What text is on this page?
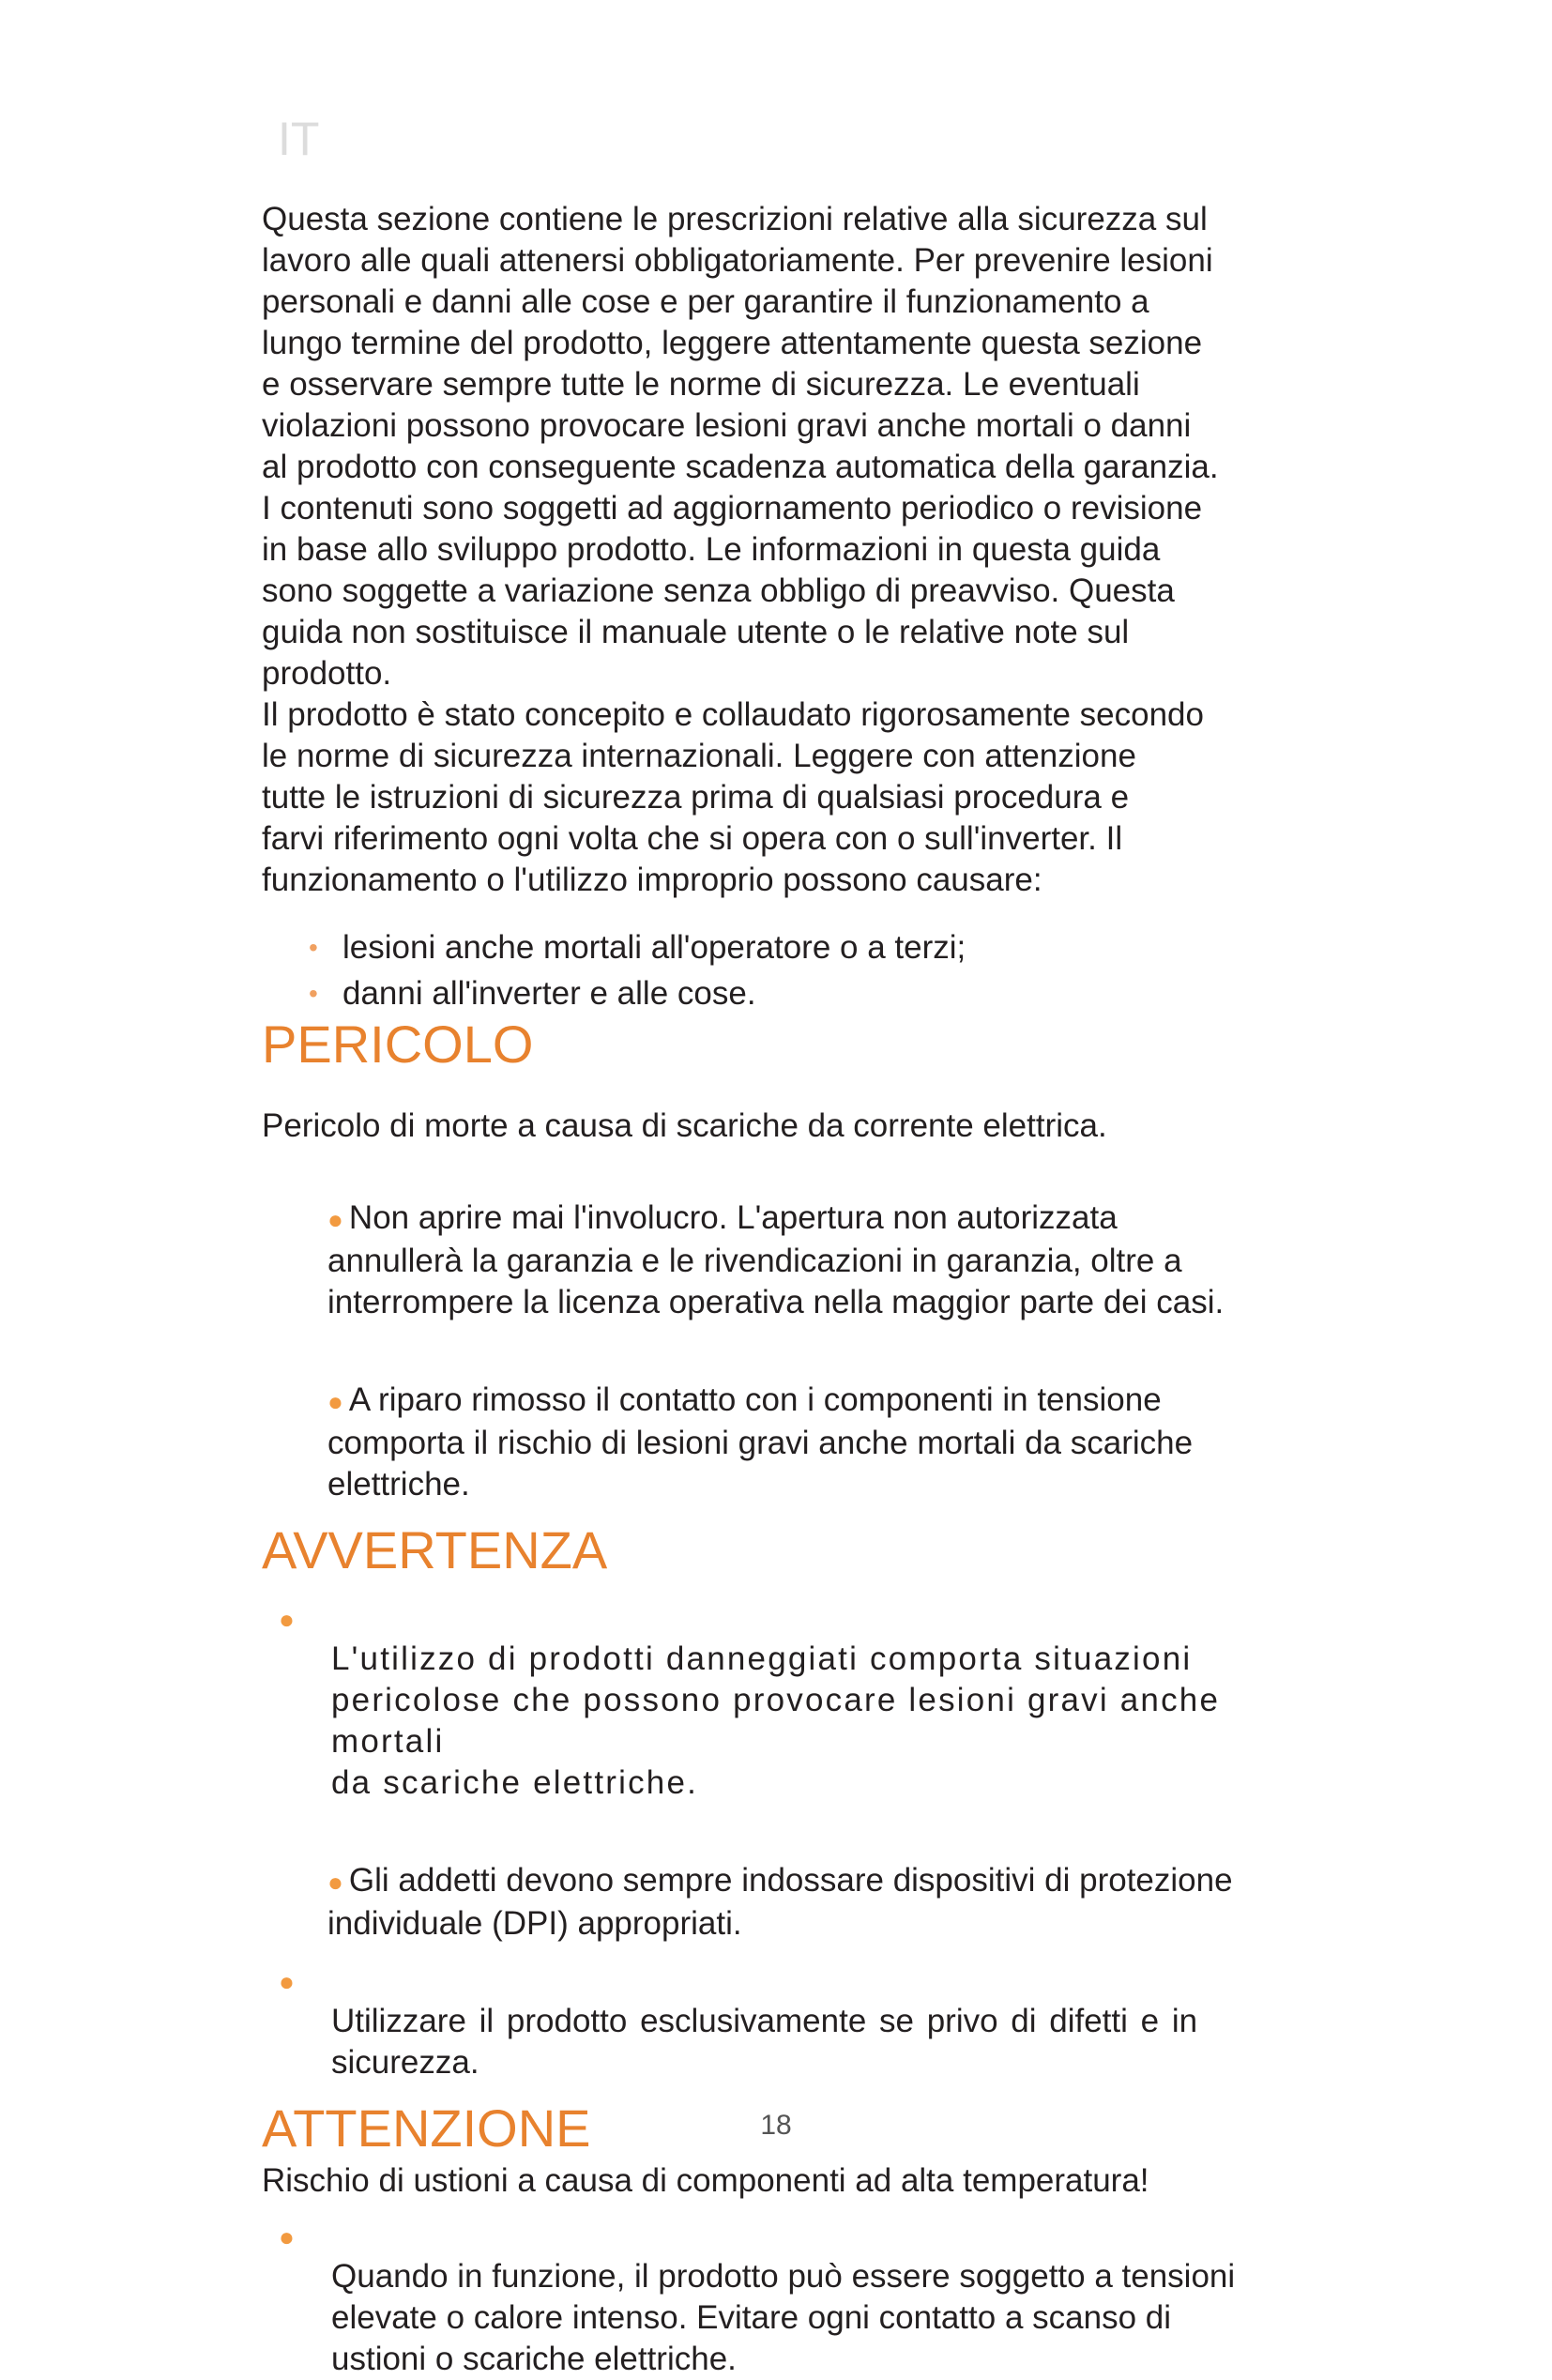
IT

Questa sezione contiene le prescrizioni relative alla sicurezza sul
lavoro alle quali attenersi obbligatoriamente. Per prevenire lesioni
personali e danni alle cose e per garantire il funzionamento a
lungo termine del prodotto, leggere attentamente questa sezione
e osservare sempre tutte le norme di sicurezza. Le eventuali
violazioni possono provocare lesioni gravi anche mortali o danni
al prodotto con conseguente scadenza automatica della garanzia.
I contenuti sono soggetti ad aggiornamento periodico o revisione
in base allo sviluppo prodotto. Le informazioni in questa guida
sono soggette a variazione senza obbligo di preavviso. Questa
guida non sostituisce il manuale utente o le relative note sul
prodotto.
Il prodotto è stato concepito e collaudato rigorosamente secondo
le norme di sicurezza internazionali. Leggere con attenzione
tutte le istruzioni di sicurezza prima di qualsiasi procedura e
farvi riferimento ogni volta che si opera con o sull'inverter. Il
funzionamento o l'utilizzo improprio possono causare:

• lesioni anche mortali all'operatore o a terzi;
• danni all'inverter e alle cose.
PERICOLO

Pericolo di morte a causa di scariche da corrente elettrica.

● Non aprire mai l'involucro. L'apertura non autorizzata
annullerà la garanzia e le rivendicazioni in garanzia, oltre a
interrompere la licenza operativa nella maggior parte dei casi.

● A riparo rimosso il contatto con i componenti in tensione
comporta il rischio di lesioni gravi anche mortali da scariche
elettriche.

AVVERTENZA

●
L'utilizzo di prodotti danneggiati comporta situazioni
pericolose che possono provocare lesioni gravi anche mortali
da scariche elettriche.

● Gli addetti devono sempre indossare dispositivi di protezione
individuale (DPI) appropriati.

●
Utilizzare il prodotto esclusivamente se privo di difetti e in
sicurezza.

ATTENZIONE

Rischio di ustioni a causa di componenti ad alta temperatura!

●
Quando in funzione, il prodotto può essere soggetto a tensioni
elevate o calore intenso. Evitare ogni contatto a scanso di
ustioni o scariche elettriche.

18
